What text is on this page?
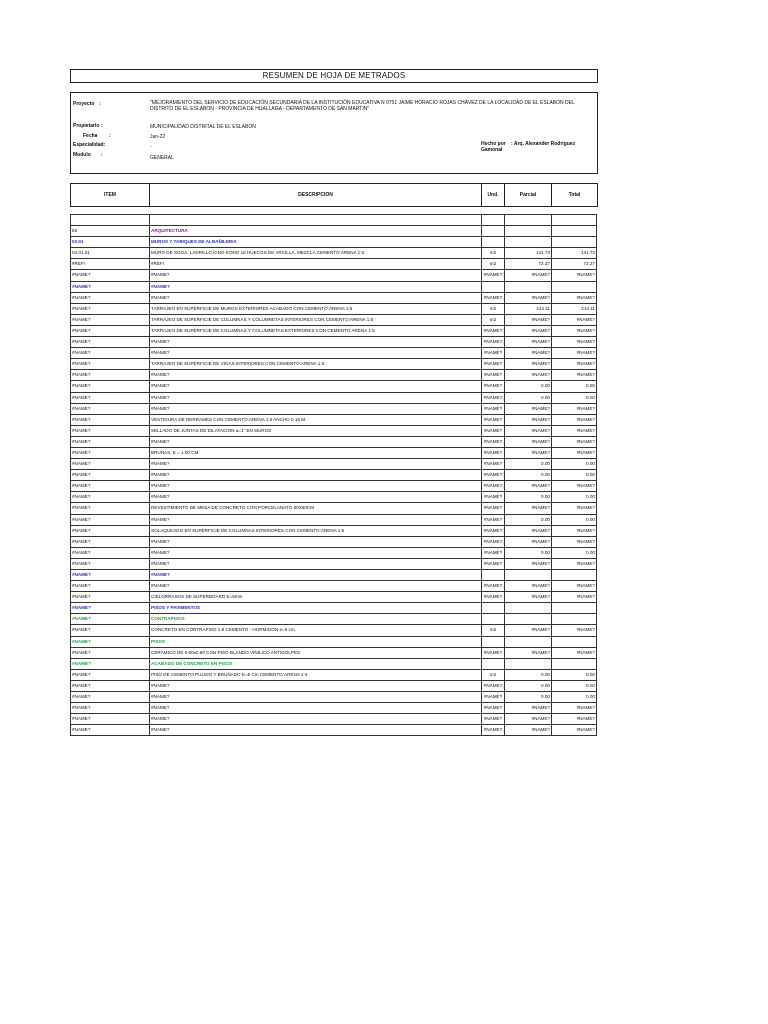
RESUMEN DE HOJA DE METRADOS
Proyecto :	"MEJORAMIENTO DEL SERVICIO DE EDUCACIÓN SECUNDARIA DE LA INSTITUCIÓN EDUCATIVA N 0751 JAIME HORACIO ROJAS CHÁVEZ DE LA LOCALIDAD DE EL ESLABON DEL DISTRITO DE EL ESLABON - PROVINCIA DE HUALLAGA - DEPARTAMENTO DE SAN MARTIN"
Propietario :	MUNICIPALIDAD DISTRITAL DE EL ESLABON
Fecha :	Jan-22
Especialidad:	-
Modulo :	GENERAL
Hecho por : Arq. Alexander Rodriguez
Gamonal
ITEM	DESCRIPCION	Und.	Parcial	Total
03	ARQUITECTURA
03.01	MUROS Y TABIQUES DE ALBAÑILERIA
03.01.01	MURO DE SOGA, LADRILLO KING KONG 18 HUECOS DE ARCILLA, MEZCLA CEMENTO:ARENA 1:5	m2	141.73	141.73
#REF!	#REF!	m2	72.37	72.37
#NAME?	#NAME?	#NAME?	#NAME?	#NAME?
#NAME?	#NAME?
#NAME?	#NAME?	#NAME?	#NAME?	#NAME?
#NAME?	TARRAJEO EN SUPERFICIE DE MUROS EXTERIORES ACABADO CON CEMENTO:ARENA 1:5	m2	214.11	214.11
#NAME?	TARRAJEO DE SUPERFICIE DE COLUMNAS Y COLUMNETAS INTERIORES CON CEMENTO:ARENA 1:5	m2	#NAME?	#NAME?
#NAME?	TARRAJEO DE SUPERFICIE DE COLUMNAS Y COLUMNETAS EXTERIORES CON CEMENTO:ARENA 1:5	#NAME?	#NAME?	#NAME?
#NAME?	#NAME?	#NAME?	#NAME?	#NAME?
#NAME?	#NAME?	#NAME?	#NAME?	#NAME?
#NAME?	TARRAJEO DE SUPERFICIE DE VIGAS INTERIORES CON CEMENTO:ARENA 1:5	#NAME?	#NAME?	#NAME?
#NAME?	#NAME?	#NAME?	#NAME?	#NAME?
#NAME?	#NAME?	#NAME?	0.00	0.00
#NAME?	#NAME?	#NAME?	0.00	0.00
#NAME?	#NAME?	#NAME?	#NAME?	#NAME?
#NAME?	VESTIDURA DE DERRAMES CON CEMENTO:ARENA 1:5 ANCHO 0.16 M.	#NAME?	#NAME?	#NAME?
#NAME?	SELLADO DE JUNTAS DE DILATACION a=1" EN MUROS	#NAME?	#NAME?	#NAME?
#NAME?	#NAME?	#NAME?	#NAME?	#NAME?
#NAME?	BRUÑAS, E = 1.00 CM.	#NAME?	#NAME?	#NAME?
#NAME?	#NAME?	#NAME?	0.00	0.00
#NAME?	#NAME?	#NAME?	0.00	0.00
#NAME?	#NAME?	#NAME?	#NAME?	#NAME?
#NAME?	#NAME?	#NAME?	0.00	0.00
#NAME?	REVESTIMIENTO DE MESA DE CONCRETO CON PORCELANATO 60X60CM	#NAME?	#NAME?	#NAME?
#NAME?	#NAME?	#NAME?	0.00	0.00
#NAME?	SOLAQUEADO EN SUPERFICIE DE COLUMNAS INTERIORES CON CEMENTO:ARENA 1:5	#NAME?	#NAME?	#NAME?
#NAME?	#NAME?	#NAME?	#NAME?	#NAME?
#NAME?	#NAME?	#NAME?	0.00	0.00
#NAME?	#NAME?	#NAME?	#NAME?	#NAME?
#NAME?	#NAME?
#NAME?	#NAME?	#NAME?	#NAME?	#NAME?
#NAME?	CIELORRASOS DE SUPERBOARD E=6mm	#NAME?	#NAME?	#NAME?
#NAME?	PISOS Y PAVIMENTOS
#NAME?	CONTRAPISOS
#NAME?	CONCRETO EN CONTRAPISO 1:8 CEMENTO - HORMIGON e=5 cm.	m2	#NAME?	#NAME?
#NAME?	PISOS
#NAME?	CERAMICO DE 0.60x0.60 CON PISO BLANDO VINILICO ANTIGOLPES	#NAME?	#NAME?	#NAME?
#NAME?	ACABADO DE CONCRETO EN PISOS
#NAME?	PISO DE CEMENTO PULIDO Y BRUÑADO E=5 Cm CEMENTO:ARENA 1:4	m2	0.00	0.00
#NAME?	#NAME?	#NAME?	0.00	0.00
#NAME?	#NAME?	#NAME?	0.00	0.00
#NAME?	#NAME?	#NAME?	#NAME?	#NAME?
#NAME?	#NAME?	#NAME?	#NAME?	#NAME?
#NAME?	#NAME?	#NAME?	#NAME?	#NAME?
